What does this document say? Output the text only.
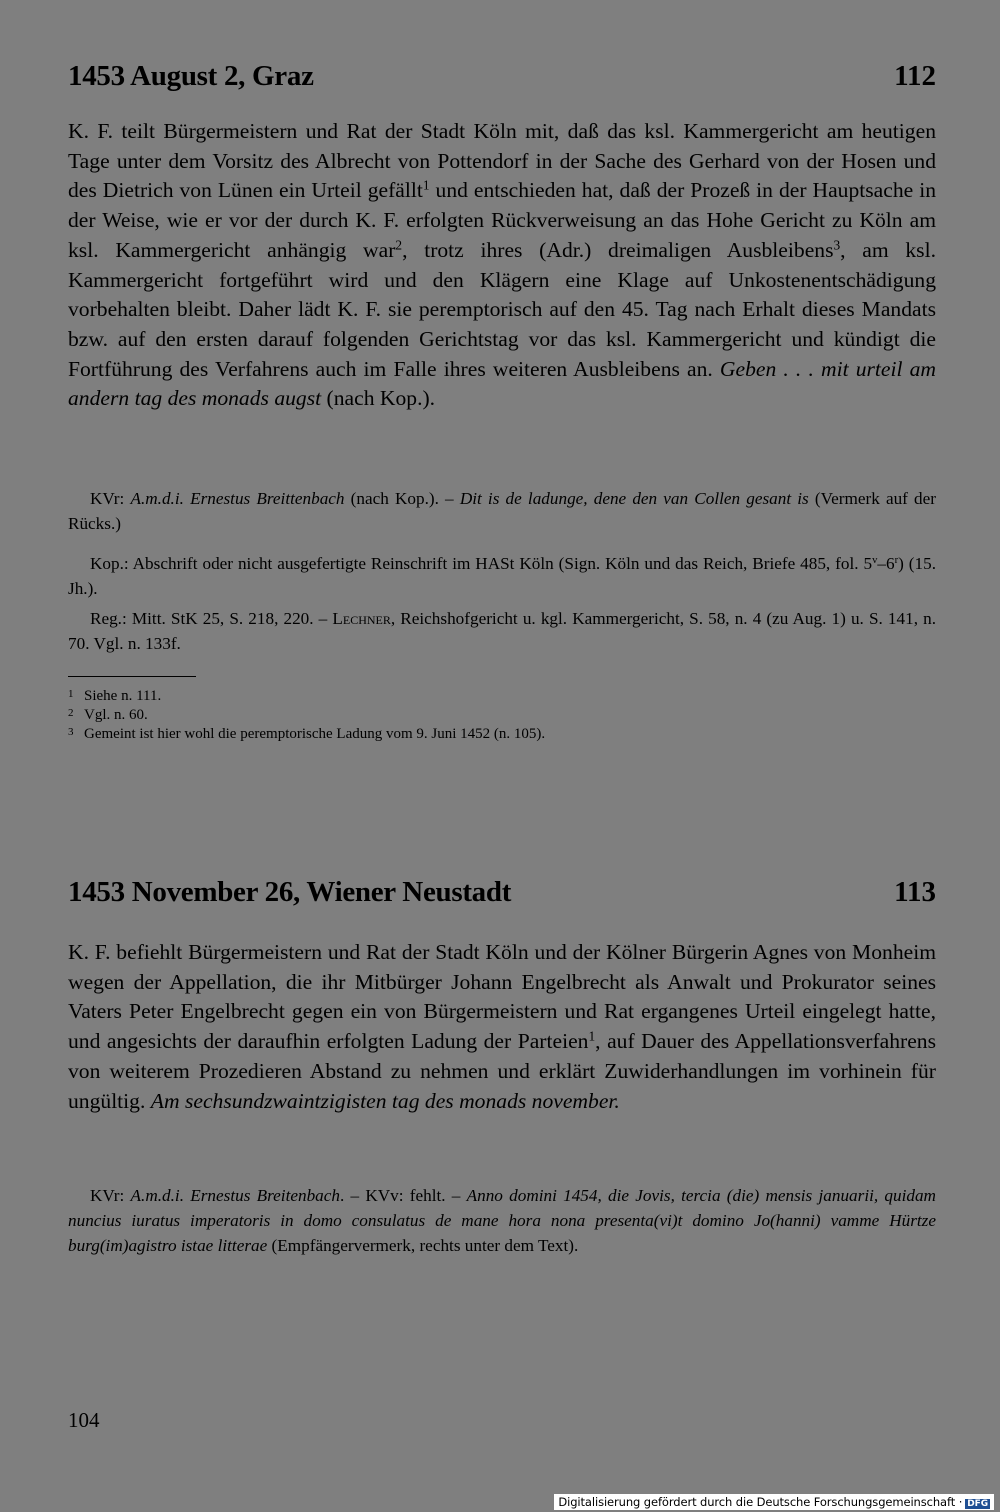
1453 August 2, Graz	112

K. F. teilt Bürgermeistern und Rat der Stadt Köln mit, daß das ksl. Kammergericht am heutigen Tage unter dem Vorsitz des Albrecht von Pottendorf in der Sache des Gerhard von der Hosen und des Dietrich von Lünen ein Urteil gefällt$^1$ und entschieden hat, daß der Prozeß in der Hauptsache in der Weise, wie er vor der durch K. F. erfolgten Rückverweisung an das Hohe Gericht zu Köln am ksl. Kammergericht anhängig war$^2$, trotz ihres (Adr.) dreimaligen Ausbleibens$^3$, am ksl. Kammergericht fortgeführt wird und den Klägern eine Klage auf Unkostenentschädigung vorbehalten bleibt. Daher lädt K. F. sie peremptorisch auf den 45. Tag nach Erhalt dieses Mandats bzw. auf den ersten darauf folgenden Gerichtstag vor das ksl. Kammergericht und kündigt die Fortführung des Verfahrens auch im Falle ihres weiteren Ausbleibens an. Geben . . . mit urteil am andern tag des monads augst (nach Kop.).

KVr: A.m.d.i. Ernestus Breittenbach (nach Kop.). – Dit is de ladunge, dene den van Collen gesant is (Vermerk auf der Rücks.)

Kop.: Abschrift oder nicht ausgefertigte Reinschrift im HASt Köln (Sign. Köln und das Reich, Briefe 485, fol. 5$^v$–6$^r$) (15. Jh.).

Reg.: Mitt. StK 25, S. 218, 220. – Lechner, Reichshofgericht u. kgl. Kammergericht, S. 58, n. 4 (zu Aug. 1) u. S. 141, n. 70. Vgl. n. 133f.

1 Siehe n. 111.
2 Vgl. n. 60.
3 Gemeint ist hier wohl die peremptorische Ladung vom 9. Juni 1452 (n. 105).
1453 November 26, Wiener Neustadt	113

K. F. befiehlt Bürgermeistern und Rat der Stadt Köln und der Kölner Bürgerin Agnes von Monheim wegen der Appellation, die ihr Mitbürger Johann Engelbrecht als Anwalt und Prokurator seines Vaters Peter Engelbrecht gegen ein von Bürgermeistern und Rat ergangenes Urteil eingelegt hatte, und angesichts der daraufhin erfolgten Ladung der Parteien$^1$, auf Dauer des Appellationsverfahrens von weiterem Prozedieren Abstand zu nehmen und erklärt Zuwiderhandlungen im vorhinein für ungültig. Am sechsundzwaintzigisten tag des monads november.

KVr: A.m.d.i. Ernestus Breitenbach. – KVv: fehlt. – Anno domini 1454, die Jovis, tercia (die) mensis januarii, quidam nuncius iuratus imperatoris in domo consulatus de mane hora nona presenta(vi)t domino Jo(hanni) vamme Hürtze burg(im)agistro istae litterae (Empfängervermerk, rechts unter dem Text).

104
Digitalisierung gefördert durch die Deutsche Forschungsgemeinschaft · DFG
